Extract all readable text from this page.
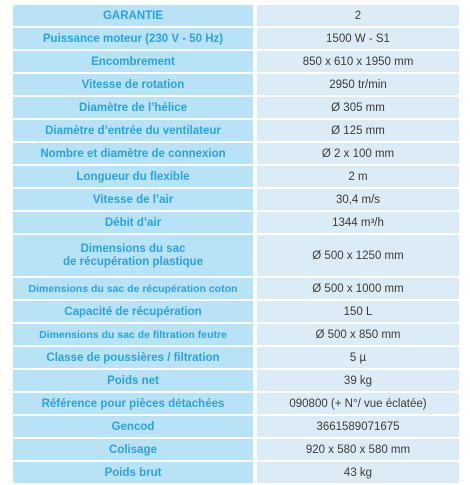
GARANTIE	2
Puissance moteur (230 V - 50 Hz)	1500 W - S1
Encombrement	850 x 610 x 1950 mm
Vitesse de rotation	2950 tr/min
Diamètre de l’hélice	Ø 305 mm
Diamètre d’entrée du ventilateur	Ø 125 mm
Nombre et diamètre de connexion	Ø 2 x 100 mm
Longueur du flexible	2 m
Vitesse de l’air	30,4 m/s
Débit d’air	1344 m³/h
Dimensions du sac
de récupération plastique	Ø 500 x 1250 mm
Dimensions du sac de récupération coton	Ø 500 x 1000 mm
Capacité de récupération	150 L
Dimensions du sac de filtration feutre	Ø 500 x 850 mm
Classe de poussières / filtration	5 µ
Poids net	39 kg
Référence pour pièces détachées	090800 (+ N°/ vue éclatée)
Gencod	3661589071675
Colisage	920 x 580 x 580 mm
Poids brut	43 kg
